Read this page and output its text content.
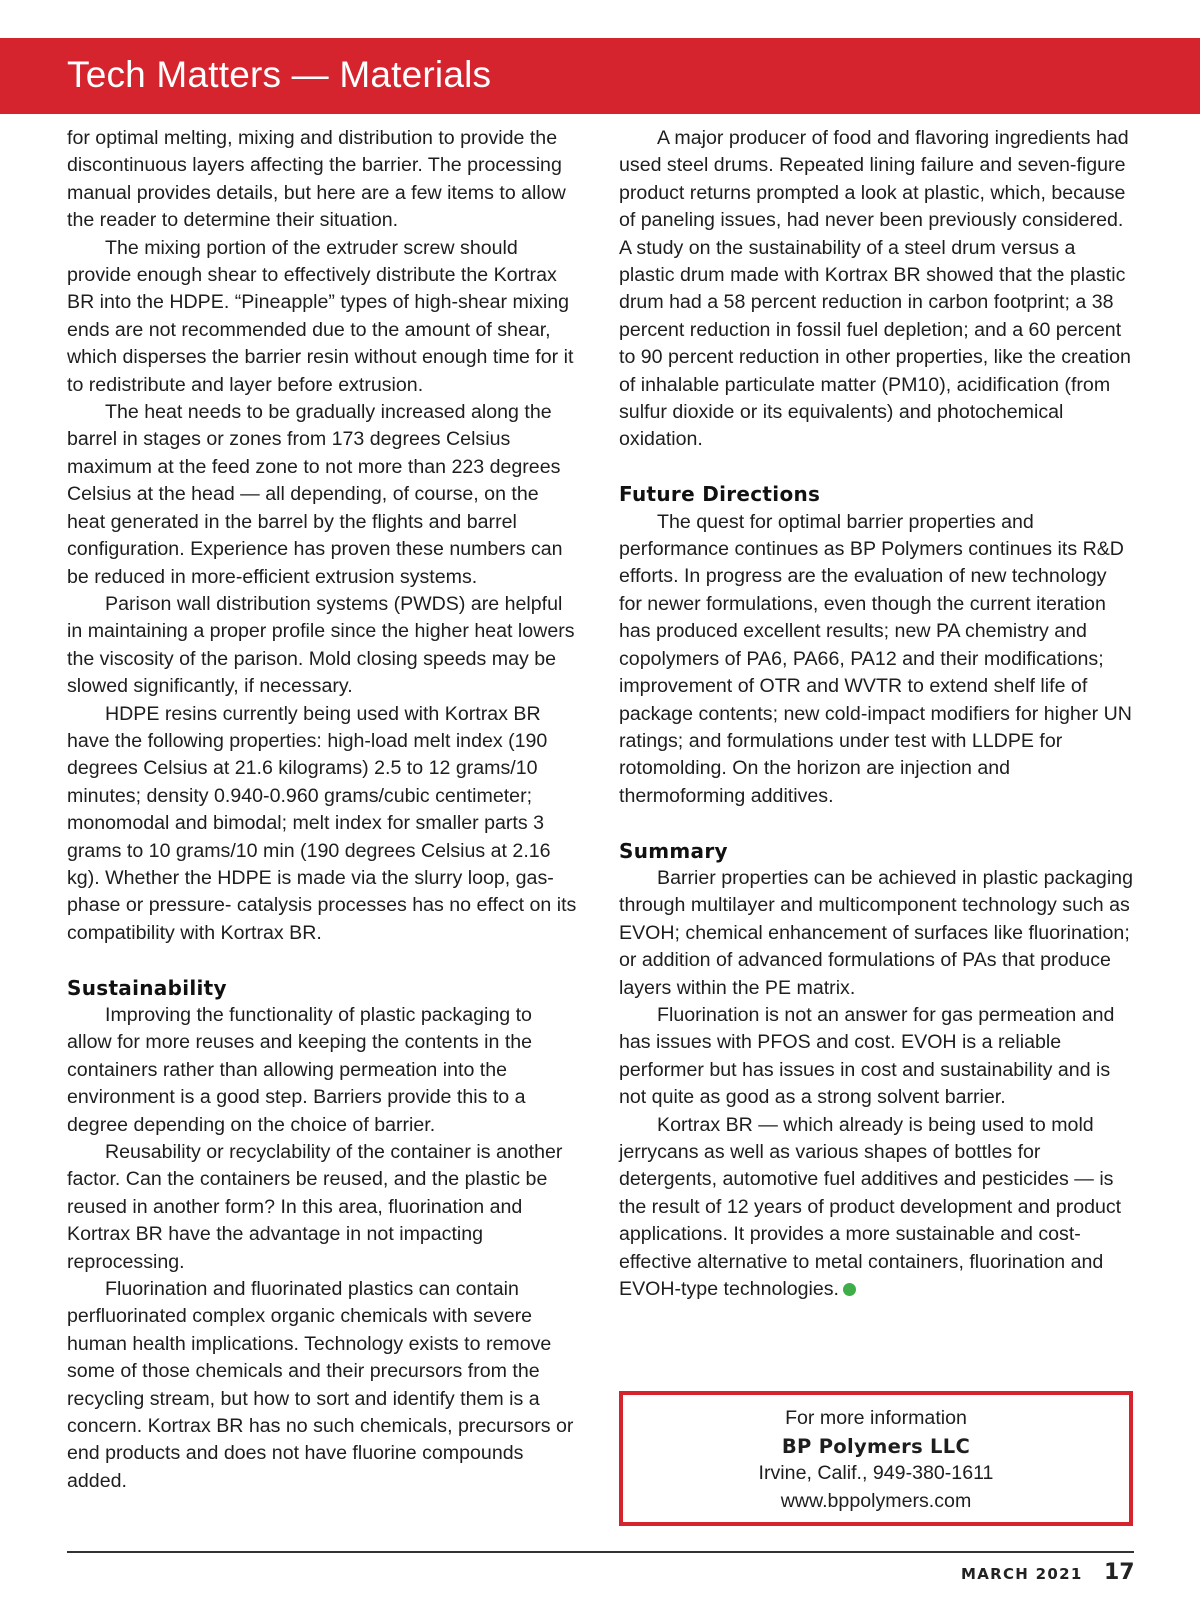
Tech Matters — Materials

for optimal melting, mixing and distribution to provide the discontinuous layers affecting the barrier. The processing manual provides details, but here are a few items to allow the reader to determine their situation.

The mixing portion of the extruder screw should provide enough shear to effectively distribute the Kortrax BR into the HDPE. “Pineapple” types of high-shear mixing ends are not recommended due to the amount of shear, which disperses the barrier resin without enough time for it to redistribute and layer before extrusion.

The heat needs to be gradually increased along the barrel in stages or zones from 173 degrees Celsius maximum at the feed zone to not more than 223 degrees Celsius at the head — all depending, of course, on the heat generated in the barrel by the flights and barrel configuration. Experience has proven these numbers can be reduced in more-efficient extrusion systems.

Parison wall distribution systems (PWDS) are helpful in maintaining a proper profile since the higher heat lowers the viscosity of the parison. Mold closing speeds may be slowed significantly, if necessary.

HDPE resins currently being used with Kortrax BR have the following properties: high-load melt index (190 degrees Celsius at 21.6 kilograms) 2.5 to 12 grams/10 minutes; density 0.940-0.960 grams/cubic centimeter; monomodal and bimodal; melt index for smaller parts 3 grams to 10 grams/10 min (190 degrees Celsius at 2.16 kg). Whether the HDPE is made via the slurry loop, gas-phase or pressure- catalysis processes has no effect on its compatibility with Kortrax BR.

Sustainability

Improving the functionality of plastic packaging to allow for more reuses and keeping the contents in the containers rather than allowing permeation into the environment is a good step. Barriers provide this to a degree depending on the choice of barrier.

Reusability or recyclability of the container is another factor. Can the containers be reused, and the plastic be reused in another form? In this area, fluorination and Kortrax BR have the advantage in not impacting reprocessing.

Fluorination and fluorinated plastics can contain perfluorinated complex organic chemicals with severe human health implications. Technology exists to remove some of those chemicals and their precursors from the recycling stream, but how to sort and identify them is a concern. Kortrax BR has no such chemicals, precursors or end products and does not have fluorine compounds added.

A major producer of food and flavoring ingredients had used steel drums. Repeated lining failure and seven-figure product returns prompted a look at plastic, which, because of paneling issues, had never been previously considered. A study on the sustainability of a steel drum versus a plastic drum made with Kortrax BR showed that the plastic drum had a 58 percent reduction in carbon footprint; a 38 percent reduction in fossil fuel depletion; and a 60 percent to 90 percent reduction in other properties, like the creation of inhalable particulate matter (PM10), acidification (from sulfur dioxide or its equivalents) and photochemical oxidation.

Future Directions

The quest for optimal barrier properties and performance continues as BP Polymers continues its R&D efforts. In progress are the evaluation of new technology for newer formulations, even though the current iteration has produced excellent results; new PA chemistry and copolymers of PA6, PA66, PA12 and their modifications; improvement of OTR and WVTR to extend shelf life of package contents; new cold-impact modifiers for higher UN ratings; and formulations under test with LLDPE for rotomolding. On the horizon are injection and thermoforming additives.

Summary

Barrier properties can be achieved in plastic packaging through multilayer and multicomponent technology such as EVOH; chemical enhancement of surfaces like fluorination; or addition of advanced formulations of PAs that produce layers within the PE matrix.

Fluorination is not an answer for gas permeation and has issues with PFOS and cost. EVOH is a reliable performer but has issues in cost and sustainability and is not quite as good as a strong solvent barrier.

Kortrax BR — which already is being used to mold jerrycans as well as various shapes of bottles for detergents, automotive fuel additives and pesticides — is the result of 12 years of product development and product applications. It provides a more sustainable and cost-effective alternative to metal containers, fluorination and EVOH-type technologies.

For more information
BP Polymers LLC
Irvine, Calif., 949-380-1611
www.bppolymers.com
MARCH 2021 17
